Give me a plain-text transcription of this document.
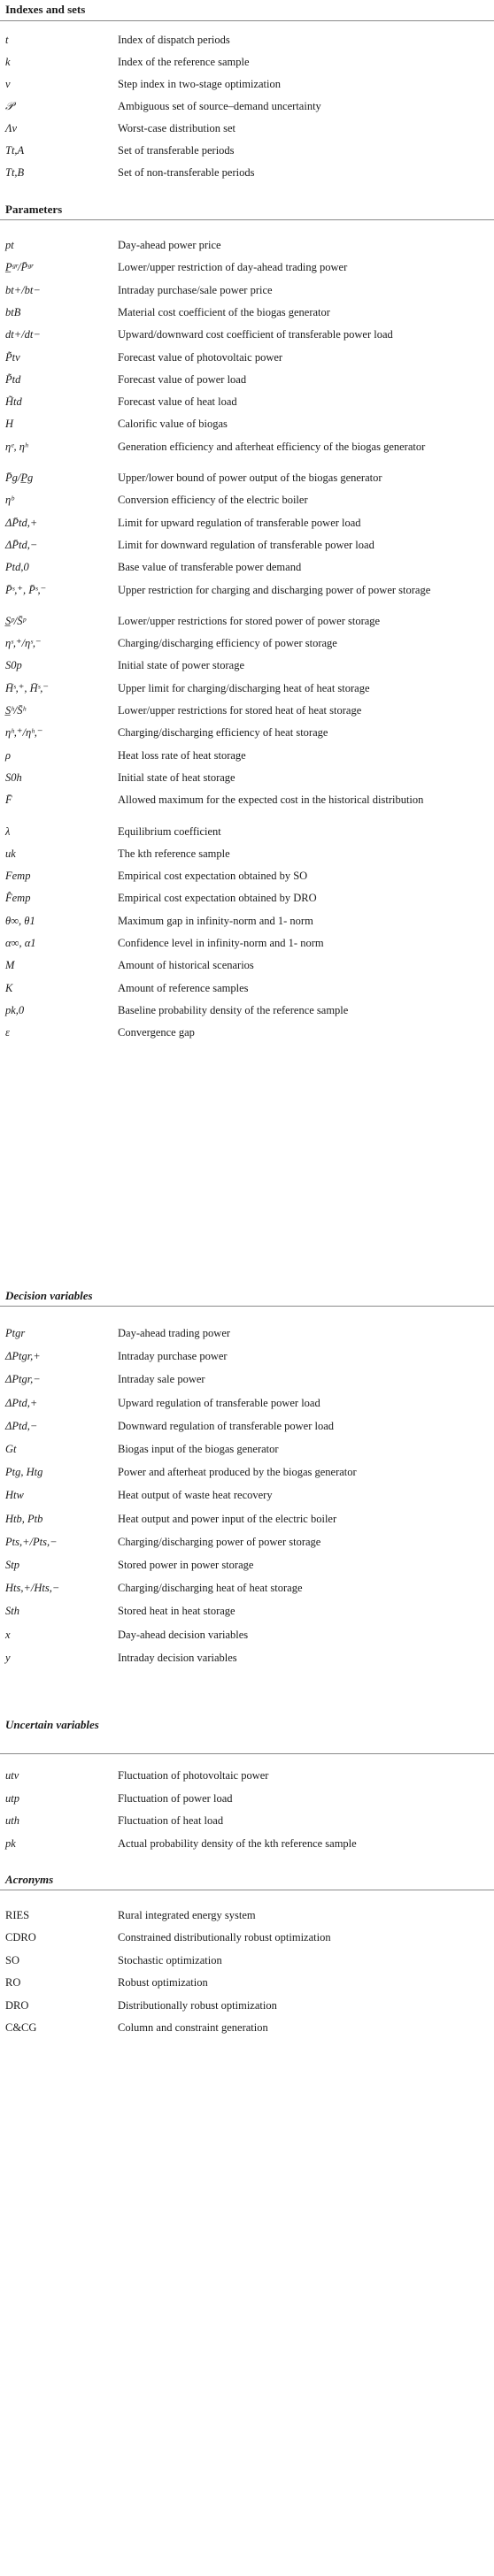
Indexes and sets
t	Index of dispatch periods
k	Index of the reference sample
ν	Step index in two-stage optimization
𝒫	Ambiguous set of source–demand uncertainty
Λν	Worst-case distribution set
Tt,A	Set of transferable periods
Tt,B	Set of non-transferable periods
Parameters
pt	Day-ahead power price
P̲ᵍʳ/P̄ᵍʳ	Lower/upper restriction of day-ahead trading power
bt+/bt−	Intraday purchase/sale power price
btB	Material cost coefficient of the biogas generator
dt+/dt−	Upward/downward cost coefficient of transferable power load
P̃tv	Forecast value of photovoltaic power
P̃td	Forecast value of power load
H̃td	Forecast value of heat load
H	Calorific value of biogas
ηᵉ, ηʰ	Generation efficiency and afterheat efficiency of the biogas generator
P̄g/P̲g	Upper/lower bound of power output of the biogas generator
ηᵇ	Conversion efficiency of the electric boiler
ΔP̄td,+	Limit for upward regulation of transferable power load
ΔP̄td,−	Limit for downward regulation of transferable power load
Ptd,0	Base value of transferable power demand
P̄ˢ,⁺, P̄ˢ,⁻	Upper restriction for charging and discharging power of power storage
S̲ᵖ/S̄ᵖ	Lower/upper restrictions for stored power of power storage
ηˢ,⁺/ηˢ,⁻	Charging/discharging efficiency of power storage
S0p	Initial state of power storage
H̄ˢ,⁺, H̄ˢ,⁻	Upper limit for charging/discharging heat of heat storage
S̲ʰ/S̄ʰ	Lower/upper restrictions for stored heat of heat storage
ηʰ,⁺/ηʰ,⁻	Charging/discharging efficiency of heat storage
ρ	Heat loss rate of heat storage
S0h	Initial state of heat storage
F̄	Allowed maximum for the expected cost in the historical distribution
λ	Equilibrium coefficient
uk	The kth reference sample
Femp	Empirical cost expectation obtained by SO
F̂emp	Empirical cost expectation obtained by DRO
θ∞, θ1	Maximum gap in infinity-norm and 1- norm
α∞, α1	Confidence level in infinity-norm and 1- norm
M	Amount of historical scenarios
K	Amount of reference samples
pk,0	Baseline probability density of the reference sample
ε	Convergence gap
Decision variables
Ptgr	Day-ahead trading power
ΔPtgr,+	Intraday purchase power
ΔPtgr,−	Intraday sale power
ΔPtd,+	Upward regulation of transferable power load
ΔPtd,−	Downward regulation of transferable power load
Gt	Biogas input of the biogas generator
Ptg, Htg	Power and afterheat produced by the biogas generator
Htw	Heat output of waste heat recovery
Htb, Ptb	Heat output and power input of the electric boiler
Pts,+/Pts,−	Charging/discharging power of power storage
Stp	Stored power in power storage
Hts,+/Hts,−	Charging/discharging heat of heat storage
Sth	Stored heat in heat storage
x	Day-ahead decision variables
y	Intraday decision variables
Uncertain variables
utv	Fluctuation of photovoltaic power
utp	Fluctuation of power load
uth	Fluctuation of heat load
pk	Actual probability density of the kth reference sample
Acronyms
RIES	Rural integrated energy system
CDRO	Constrained distributionally robust optimization
SO	Stochastic optimization
RO	Robust optimization
DRO	Distributionally robust optimization
C&CG	Column and constraint generation
